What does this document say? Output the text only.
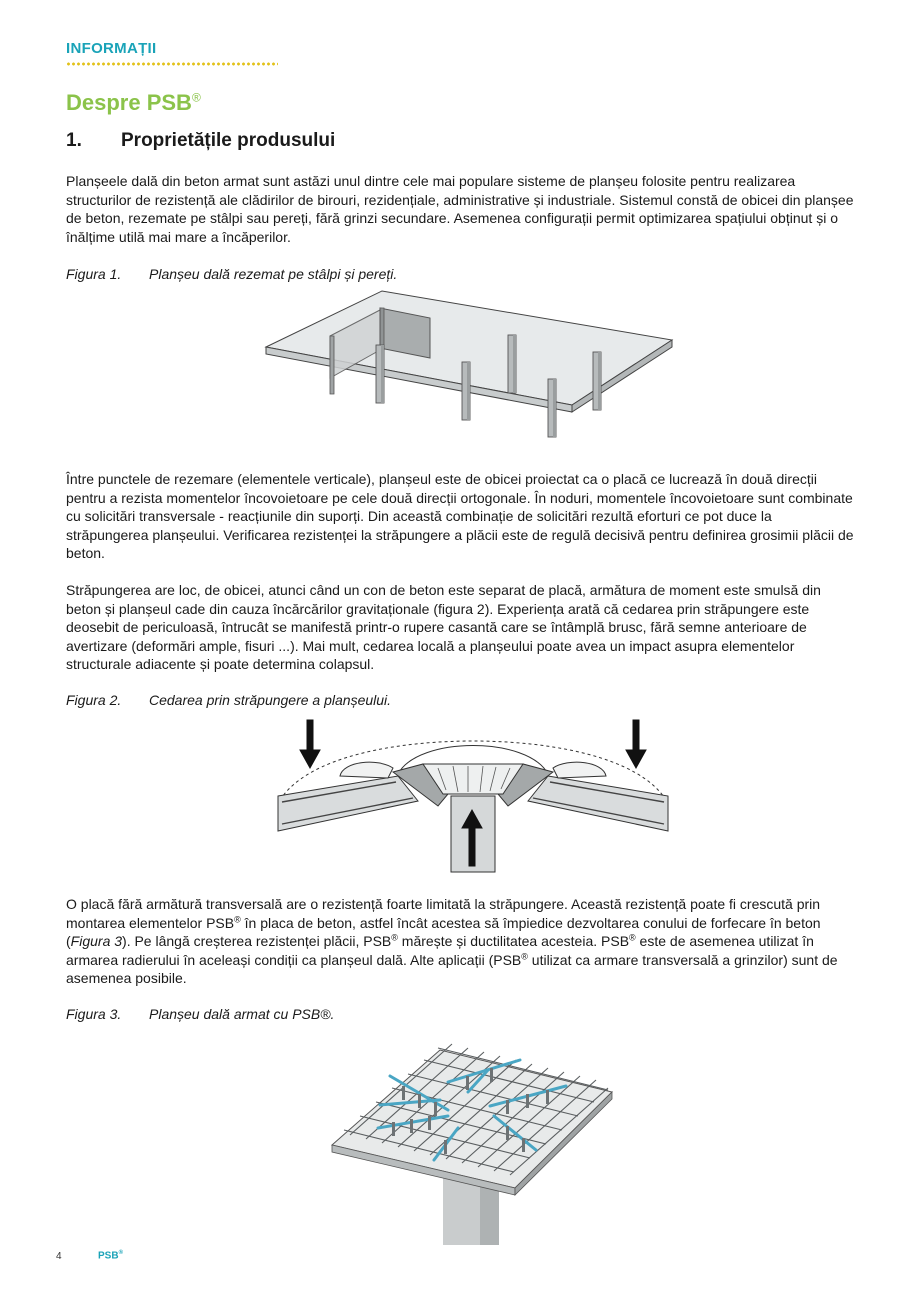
INFORMAȚII
Despre PSB®
1. Proprietățile produsului
Planșeele dală din beton armat sunt astăzi unul dintre cele mai populare sisteme de planșeu folosite pentru realizarea structurilor de rezistență ale clădirilor de birouri, rezidențiale, administrative și industriale. Sistemul constă de obicei din planșee de beton, rezemate pe stâlpi sau pereți, fără grinzi secundare. Asemenea configurații permit optimizarea spațiului obținut și o înălțime utilă mai mare a încăperilor.
Figura 1. Planșeu dală rezemat pe stâlpi și pereți.
Între punctele de rezemare (elementele verticale), planșeul este de obicei proiectat ca o placă ce lucrează în două direcții pentru a rezista momentelor încovoietoare pe cele două direcții ortogonale. În noduri, momentele încovoietoare sunt combinate cu solicitări transversale - reacțiunile din suporți. Din această combinație de solicitări rezultă eforturi ce pot duce la străpungerea planșeului. Verificarea rezistenței la străpungere a plăcii este de regulă decisivă pentru definirea grosimii plăcii de beton.
Străpungerea are loc, de obicei, atunci când un con de beton este separat de placă, armătura de moment este smulsă din beton și planșeul cade din cauza încărcărilor gravitaționale (figura 2). Experiența arată că cedarea prin străpungere este deosebit de periculoasă, întrucât se manifestă printr-o rupere casantă care se întâmplă brusc, fără semne anterioare de avertizare (deformări ample, fisuri ...). Mai mult, cedarea locală a planșeului poate avea un impact asupra elementelor structurale adiacente și poate determina colapsul.
Figura 2. Cedarea prin străpungere a planșeului.
O placă fără armătură transversală are o rezistență foarte limitată la străpungere. Această rezistență poate fi crescută prin montarea elementelor PSB® în placa de beton, astfel încât acestea să împiedice dezvoltarea conului de forfecare în beton (Figura 3). Pe lângă creșterea rezistenței plăcii, PSB® mărește și ductilitatea acesteia. PSB® este de asemenea utilizat în armarea radierului în aceleași condiții ca planșeul dală. Alte aplicații (PSB® utilizat ca armare transversală a grinzilor) sunt de asemenea posibile.
Figura 3. Planșeu dală armat cu PSB®.
4	PSB®
